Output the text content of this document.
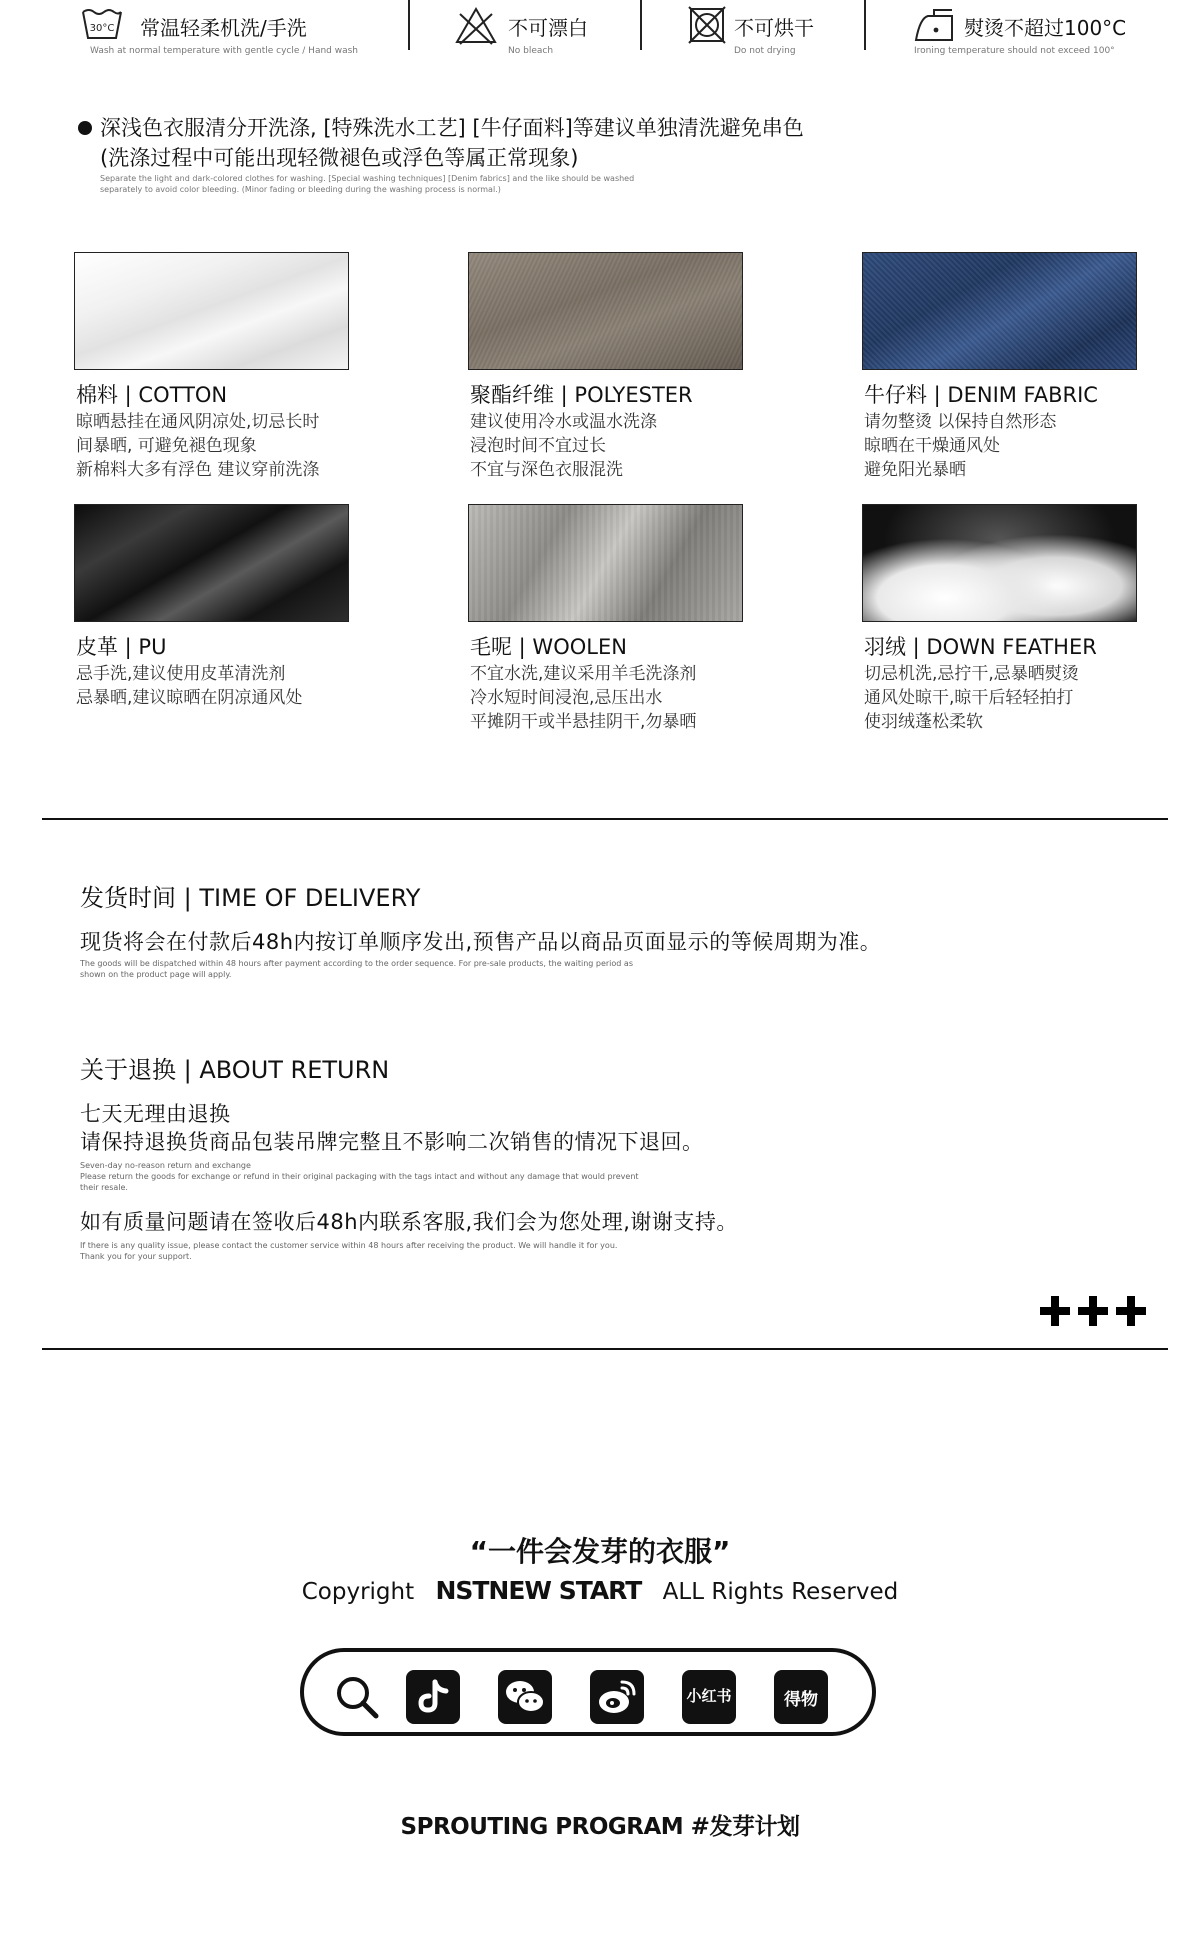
30°C 常温轻柔机洗/手洗
Wash at normal temperature with gentle cycle / Hand wash
不可漂白
No bleach
不可烘干
Do not drying
熨烫不超过100°C
Ironing temperature should not exceed 100°
深浅色衣服清分开洗涤, [特殊洗水工艺] [牛仔面料]等建议单独清洗避免串色
(洗涤过程中可能出现轻微褪色或浮色等属正常现象)
Separate the light and dark-colored clothes for washing. [Special washing techniques] [Denim fabrics] and the like should be washed separately to avoid color bleeding. (Minor fading or bleeding during the washing process is normal.)
棉料 | COTTON
晾晒悬挂在通风阴凉处,切忌长时
间暴晒, 可避免褪色现象
新棉料大多有浮色 建议穿前洗涤
聚酯纤维 | POLYESTER
建议使用冷水或温水洗涤
浸泡时间不宜过长
不宜与深色衣服混洗
牛仔料 | DENIM FABRIC
请勿整烫 以保持自然形态
晾晒在干燥通风处
避免阳光暴晒
皮革 | PU
忌手洗,建议使用皮革清洗剂
忌暴晒,建议晾晒在阴凉通风处
毛呢 | WOOLEN
不宜水洗,建议采用羊毛洗涤剂
冷水短时间浸泡,忌压出水
平摊阴干或半悬挂阴干,勿暴晒
羽绒 | DOWN FEATHER
切忌机洗,忌拧干,忌暴晒熨烫
通风处晾干,晾干后轻轻拍打
使羽绒蓬松柔软
发货时间 | TIME OF DELIVERY
现货将会在付款后48h内按订单顺序发出,预售产品以商品页面显示的等候周期为准。
The goods will be dispatched within 48 hours after payment according to the order sequence. For pre-sale products, the waiting period as shown on the product page will apply.
关于退换 | ABOUT RETURN
七天无理由退换
请保持退换货商品包装吊牌完整且不影响二次销售的情况下退回。
Seven-day no-reason return and exchange
Please return the goods for exchange or refund in their original packaging with the tags intact and without any damage that would prevent their resale.
如有质量问题请在签收后48h内联系客服,我们会为您处理,谢谢支持。
If there is any quality issue, please contact the customer service within 48 hours after receiving the product. We will handle it for you. Thank you for your support.
“一件会发芽的衣服”
Copyright NSTNEW START ALL Rights Reserved
小红书	得物
SPROUTING PROGRAM #发芽计划
